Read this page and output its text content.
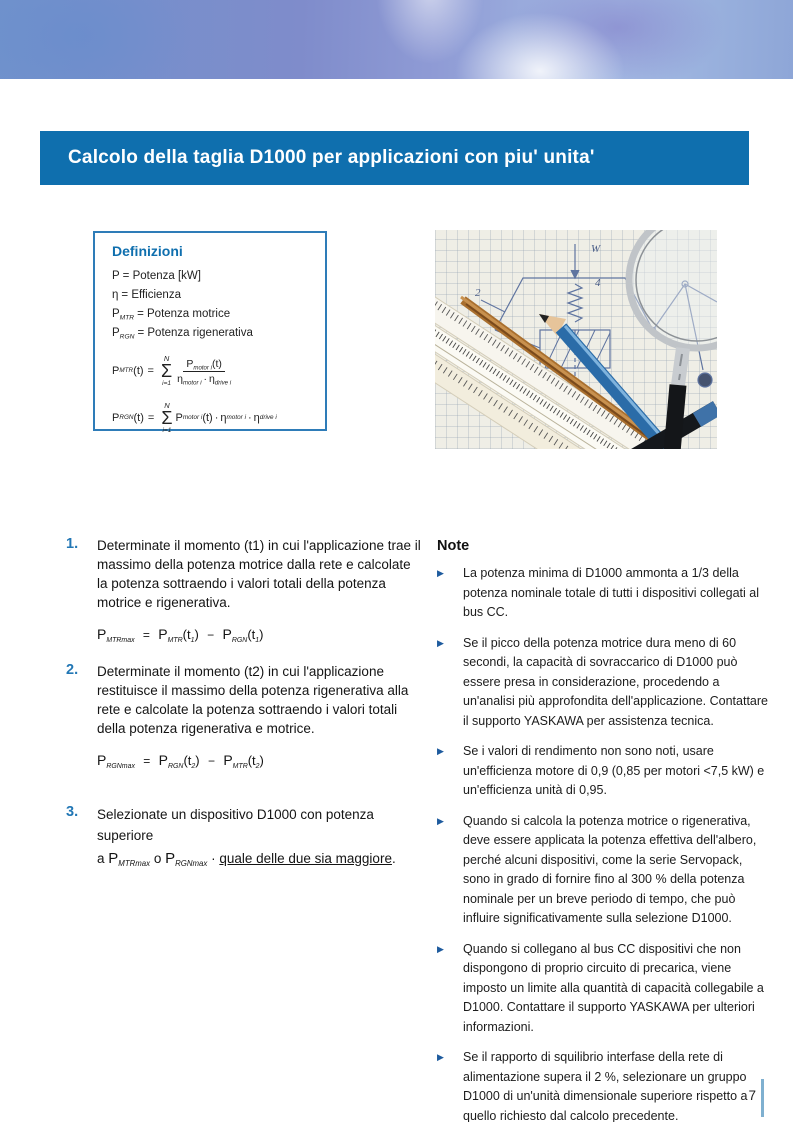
Calcolo della taglia D1000 per applicazioni con piu' unita'
Definizioni
P = Potenza [kW]
η = Efficienza
$P_{MTR}$ = Potenza motrice
$P_{RGN}$ = Potenza rigenerativa
P MTR (t) =
N
Σ
$i=1 \frac{P_{motor i}(t)}{\eta_{motor i} \cdot \eta_{drive i}}$
P RGN (t) =
N
Σ
i=1
P motor i (t) · η motor i · η drive i
2
W
4
1.	Determinate il momento (t1) in cui l'applicazione trae il massimo della potenza motrice dalla rete e calcolate la potenza sottraendo i valori totali della potenza motrice e rigenerativa.
$P_{MTRmax} = P_{MTR}(t_1) - P_{RGN}(t_1)$
2.	Determinate il momento (t2) in cui l'applicazione restituisce il massimo della potenza rigenerativa alla rete e calcolate la potenza sottraendo i valori totali della potenza rigenerativa e motrice.
$P_{RGNmax} = P_{RGN}(t_2) - P_{MTR}(t_2)$
3.	Selezionate un dispositivo D1000 con potenza
superiore
a $P_{MTRmax}$ o $P_{RGNmax}$ · quale delle due sia maggiore.
Note
▶	La potenza minima di D1000 ammonta a 1/3 della potenza nominale totale di tutti i dispositivi collegati al bus CC.
▶	Se il picco della potenza motrice dura meno di 60 secondi, la capacità di sovraccarico di D1000 può essere presa in considerazione, procedendo a un'analisi più approfondita dell'applicazione. Contattare il supporto YASKAWA per assistenza tecnica.
▶	Se i valori di rendimento non sono noti, usare un'efficienza motore di 0,9 (0,85 per motori <7,5 kW) e un'efficienza unità di 0,95.
▶	Quando si calcola la potenza motrice o rigenerativa, deve essere applicata la potenza effettiva dell'albero, perché alcuni dispositivi, come la serie Servopack, sono in grado di fornire fino al 300 % della potenza nominale per un breve periodo di tempo, che può influire significativamente sulla selezione D1000.
▶	Quando si collegano al bus CC dispositivi che non dispongono di proprio circuito di precarica, viene imposto un limite alla quantità di capacità collegabile a D1000. Contattare il supporto YASKAWA per ulteriori informazioni.
▶	Se il rapporto di squilibrio interfase della rete di alimentazione supera il 2 %, selezionare un gruppo D1000 di un'unità dimensionale superiore rispetto a quello richiesto dal calcolo precedente.
7
